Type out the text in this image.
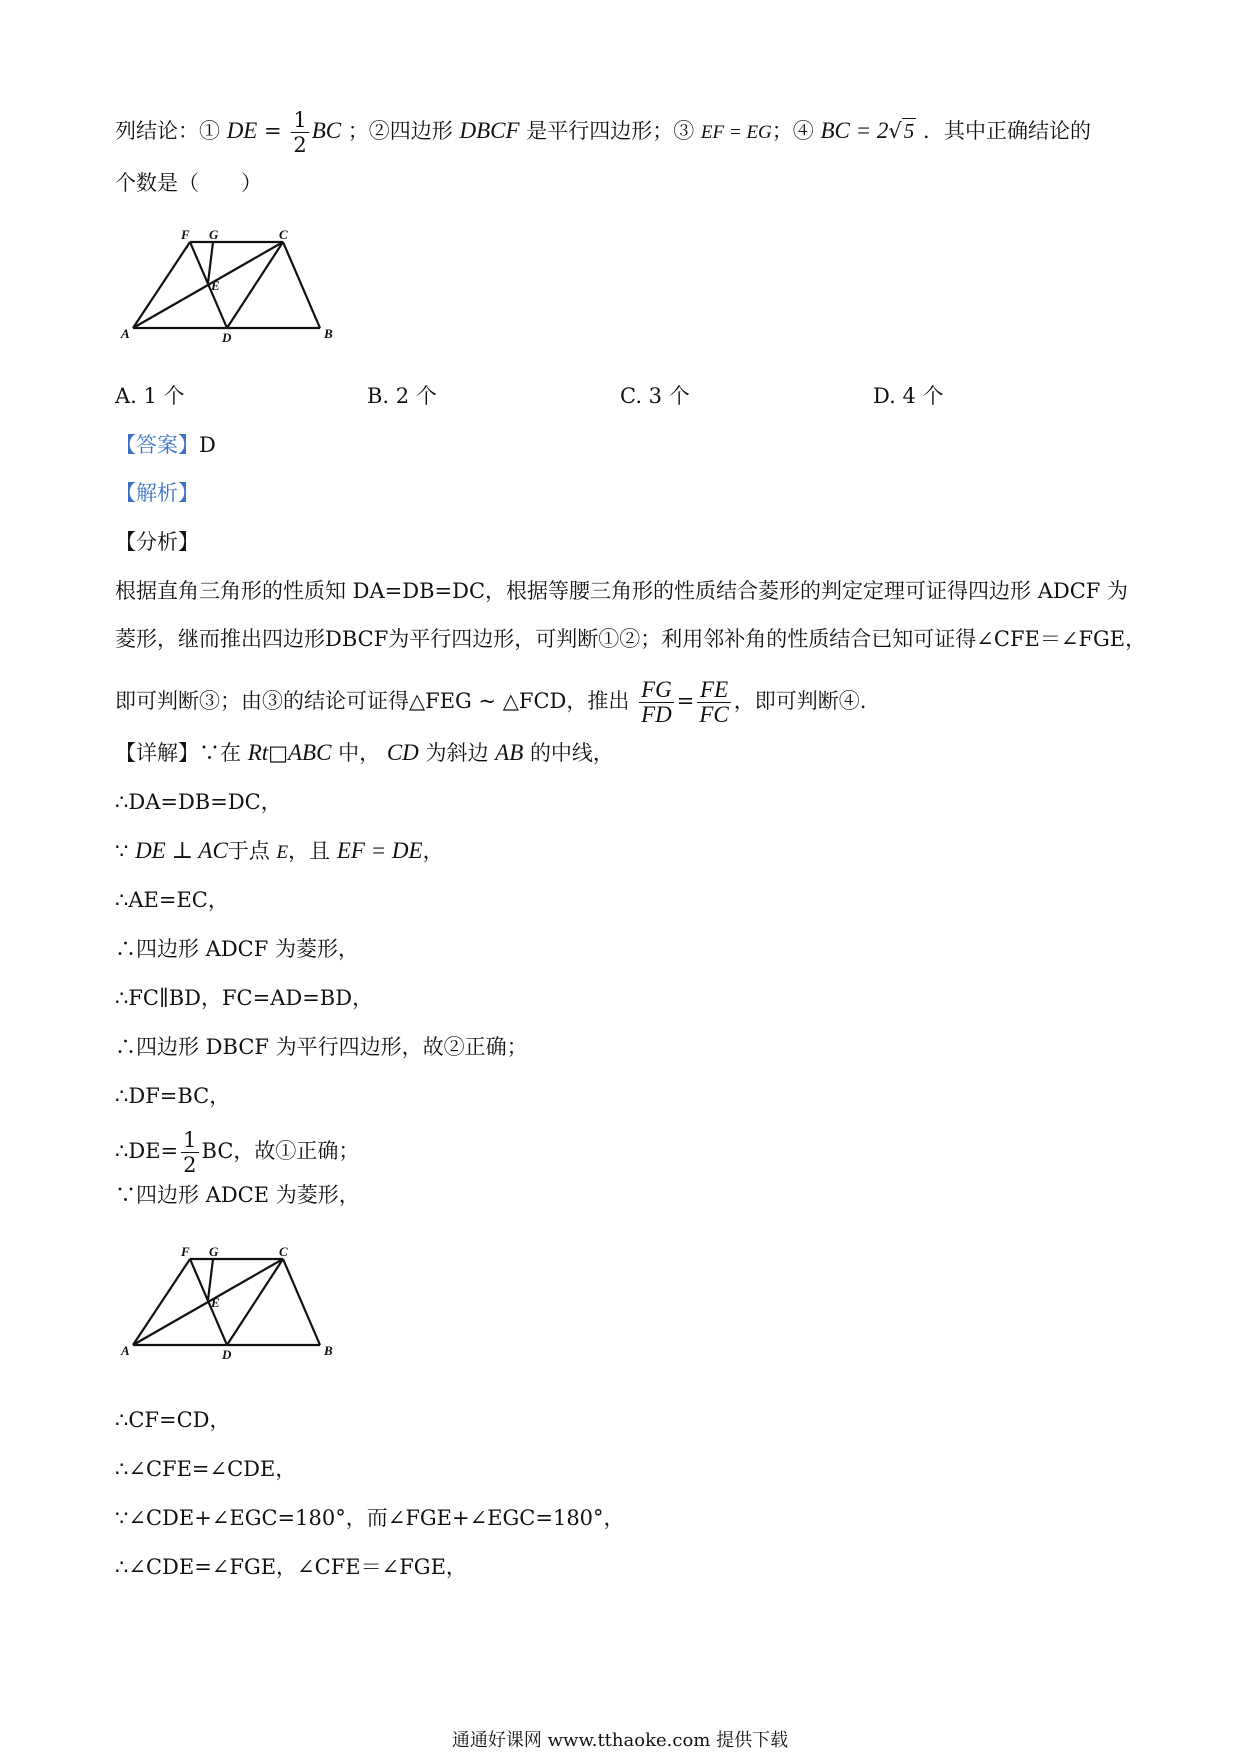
列结论：① DE = $\frac{1}{2}$ BC ；②四边形 DBCF 是平行四边形；③ EF = EG；④ BC = 2√5 ．其中正确结论的
个数是（　　）
F G	C
E
A	D	B
A. 1 个	B. 2 个	C. 3 个	D. 4 个
【答案】D
【解析】
【分析】
根据直角三角形的性质知 DA=DB=DC，根据等腰三角形的性质结合菱形的判定定理可证得四边形 ADCF 为
菱形，继而推出四边形DBCF为平行四边形，可判断①②；利用邻补角的性质结合已知可证得∠CFE＝∠FGE，
即可判断③；由③的结论可证得△FEG ~ △FCD，推出 $\frac{FG}{FD} = \frac{FE}{FC}$ ，即可判断④.
【详解】∵在 Rt□ABC 中， CD 为斜边 AB 的中线，
∴DA=DB=DC，
∵ DE ⊥ AC于点 E，且 EF = DE，
∴AE=EC，
∴四边形 ADCF 为菱形，
∴FC∥BD，FC=AD=BD，
∴四边形 DBCF 为平行四边形，故②正确；
∴DF=BC，
∴DE= $\frac{1}{2}$ BC，故①正确；
∵四边形 ADCE 为菱形，
F G	C
E
A	D	B
∴CF=CD，
∴∠CFE=∠CDE，
∵∠CDE+∠EGC=180°，而∠FGE+∠EGC=180°，
∴∠CDE=∠FGE，∠CFE＝∠FGE，
通通好课网 www.tthaoke.com 提供下载
